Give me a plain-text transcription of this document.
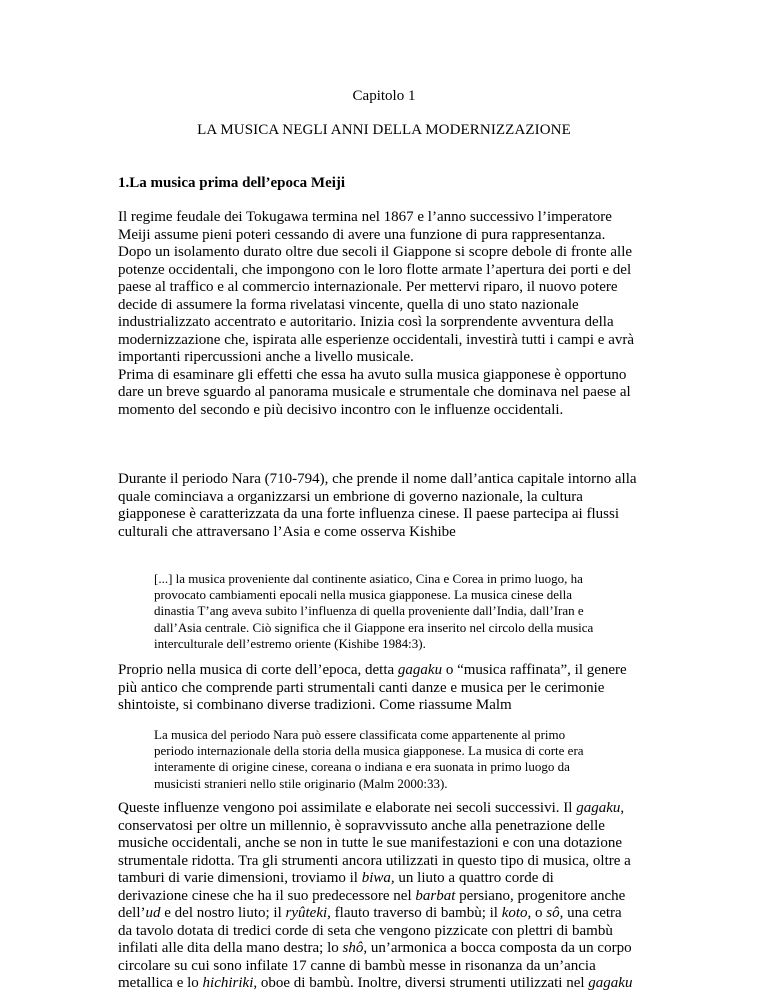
Capitolo 1
LA MUSICA NEGLI ANNI DELLA MODERNIZZAZIONE
1.La musica prima dell’epoca Meiji
Il regime feudale dei Tokugawa termina nel 1867 e l’anno successivo l’imperatore
Meiji assume pieni poteri cessando di avere una funzione di pura rappresentanza.
Dopo un isolamento durato oltre due secoli il Giappone si scopre debole di fronte alle
potenze occidentali, che impongono con le loro flotte armate l’apertura dei porti e del
paese al traffico e al commercio internazionale. Per mettervi riparo, il nuovo potere
decide di assumere la forma rivelatasi vincente, quella di uno stato nazionale
industrializzato accentrato e autoritario. Inizia così la sorprendente avventura della
modernizzazione che, ispirata alle esperienze occidentali, investirà tutti i campi e avrà
importanti ripercussioni anche a livello musicale.
Prima di esaminare gli effetti che essa ha avuto sulla musica giapponese è opportuno
dare un breve sguardo al panorama musicale e strumentale che dominava nel paese al
momento del secondo e più decisivo incontro con le influenze occidentali.
Durante il periodo Nara (710-794), che prende il nome dall’antica capitale intorno alla
quale cominciava a organizzarsi un embrione di governo nazionale, la cultura
giapponese è caratterizzata da una forte influenza cinese. Il paese partecipa ai flussi
culturali che attraversano l’Asia e come osserva Kishibe
[...] la musica proveniente dal continente asiatico, Cina e Corea in primo luogo, ha
provocato cambiamenti epocali nella musica giapponese. La musica cinese della
dinastia T’ang aveva subito l’influenza di quella proveniente dall’India, dall’Iran e
dall’Asia centrale. Ciò significa che il Giappone era inserito nel circolo della musica
interculturale dell’estremo oriente (Kishibe 1984:3).
Proprio nella musica di corte dell’epoca, detta gagaku o “musica raffinata”, il genere
più antico che comprende parti strumentali canti danze e musica per le cerimonie
shintoiste, si combinano diverse tradizioni. Come riassume Malm
La musica del periodo Nara può essere classificata come appartenente al primo
periodo internazionale della storia della musica giapponese. La musica di corte era
interamente di origine cinese, coreana o indiana e era suonata in primo luogo da
musicisti stranieri nello stile originario (Malm 2000:33).
Queste influenze vengono poi assimilate e elaborate nei secoli successivi. Il gagaku,
conservatosi per oltre un millennio, è sopravvissuto anche alla penetrazione delle
musiche occidentali, anche se non in tutte le sue manifestazioni e con una dotazione
strumentale ridotta. Tra gli strumenti ancora utilizzati in questo tipo di musica, oltre a
tamburi di varie dimensioni, troviamo il biwa, un liuto a quattro corde di
derivazione cinese che ha il suo predecessore nel barbat persiano, progenitore anche
dell’ud e del nostro liuto; il ryûteki, flauto traverso di bambù; il koto, o sô, una cetra
da tavolo dotata di tredici corde di seta che vengono pizzicate con plettri di bambù
infilati alle dita della mano destra; lo shô, un’armonica a bocca composta da un corpo
circolare su cui sono infilate 17 canne di bambù messe in risonanza da un’ancia
metallica e lo hichiriki, oboe di bambù. Inoltre, diversi strumenti utilizzati nel gagaku
